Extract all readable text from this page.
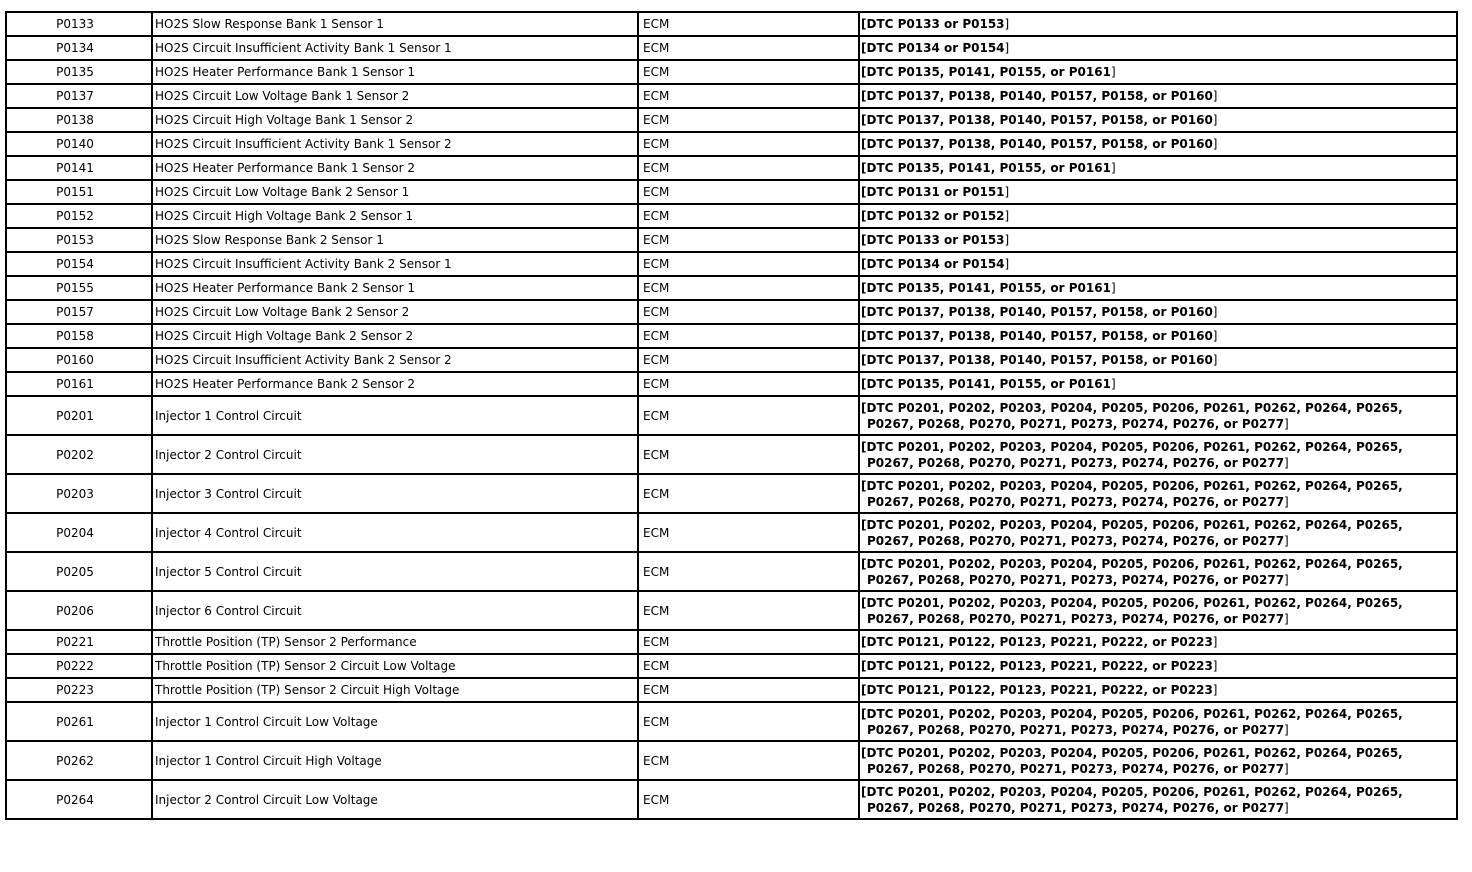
P0133	HO2S Slow Response Bank 1 Sensor 1	ECM	[DTC P0133 or P0153]

P0134	HO2S Circuit Insufficient Activity Bank 1 Sensor 1	ECM	[DTC P0134 or P0154]

P0135	HO2S Heater Performance Bank 1 Sensor 1	ECM	[DTC P0135, P0141, P0155, or P0161]

P0137	HO2S Circuit Low Voltage Bank 1 Sensor 2	ECM	[DTC P0137, P0138, P0140, P0157, P0158, or P0160]

P0138	HO2S Circuit High Voltage Bank 1 Sensor 2	ECM	[DTC P0137, P0138, P0140, P0157, P0158, or P0160]

P0140	HO2S Circuit Insufficient Activity Bank 1 Sensor 2	ECM	[DTC P0137, P0138, P0140, P0157, P0158, or P0160]

P0141	HO2S Heater Performance Bank 1 Sensor 2	ECM	[DTC P0135, P0141, P0155, or P0161]

P0151	HO2S Circuit Low Voltage Bank 2 Sensor 1	ECM	[DTC P0131 or P0151]

P0152	HO2S Circuit High Voltage Bank 2 Sensor 1	ECM	[DTC P0132 or P0152]

P0153	HO2S Slow Response Bank 2 Sensor 1	ECM	[DTC P0133 or P0153]

P0154	HO2S Circuit Insufficient Activity Bank 2 Sensor 1	ECM	[DTC P0134 or P0154]

P0155	HO2S Heater Performance Bank 2 Sensor 1	ECM	[DTC P0135, P0141, P0155, or P0161]

P0157	HO2S Circuit Low Voltage Bank 2 Sensor 2	ECM	[DTC P0137, P0138, P0140, P0157, P0158, or P0160]

P0158	HO2S Circuit High Voltage Bank 2 Sensor 2	ECM	[DTC P0137, P0138, P0140, P0157, P0158, or P0160]

P0160	HO2S Circuit Insufficient Activity Bank 2 Sensor 2	ECM	[DTC P0137, P0138, P0140, P0157, P0158, or P0160]

P0161	HO2S Heater Performance Bank 2 Sensor 2	ECM	[DTC P0135, P0141, P0155, or P0161]

P0201	Injector 1 Control Circuit	ECM	[DTC P0201, P0202, P0203, P0204, P0205, P0206, P0261, P0262, P0264, P0265,
P0267, P0268, P0270, P0271, P0273, P0274, P0276, or P0277]

P0202	Injector 2 Control Circuit	ECM	[DTC P0201, P0202, P0203, P0204, P0205, P0206, P0261, P0262, P0264, P0265,
P0267, P0268, P0270, P0271, P0273, P0274, P0276, or P0277]

P0203	Injector 3 Control Circuit	ECM	[DTC P0201, P0202, P0203, P0204, P0205, P0206, P0261, P0262, P0264, P0265,
P0267, P0268, P0270, P0271, P0273, P0274, P0276, or P0277]

P0204	Injector 4 Control Circuit	ECM	[DTC P0201, P0202, P0203, P0204, P0205, P0206, P0261, P0262, P0264, P0265,
P0267, P0268, P0270, P0271, P0273, P0274, P0276, or P0277]

P0205	Injector 5 Control Circuit	ECM	[DTC P0201, P0202, P0203, P0204, P0205, P0206, P0261, P0262, P0264, P0265,
P0267, P0268, P0270, P0271, P0273, P0274, P0276, or P0277]

P0206	Injector 6 Control Circuit	ECM	[DTC P0201, P0202, P0203, P0204, P0205, P0206, P0261, P0262, P0264, P0265,
P0267, P0268, P0270, P0271, P0273, P0274, P0276, or P0277]

P0221	Throttle Position (TP) Sensor 2 Performance	ECM	[DTC P0121, P0122, P0123, P0221, P0222, or P0223]

P0222	Throttle Position (TP) Sensor 2 Circuit Low Voltage	ECM	[DTC P0121, P0122, P0123, P0221, P0222, or P0223]

P0223	Throttle Position (TP) Sensor 2 Circuit High Voltage	ECM	[DTC P0121, P0122, P0123, P0221, P0222, or P0223]

P0261	Injector 1 Control Circuit Low Voltage	ECM	[DTC P0201, P0202, P0203, P0204, P0205, P0206, P0261, P0262, P0264, P0265,
P0267, P0268, P0270, P0271, P0273, P0274, P0276, or P0277]

P0262	Injector 1 Control Circuit High Voltage	ECM	[DTC P0201, P0202, P0203, P0204, P0205, P0206, P0261, P0262, P0264, P0265,
P0267, P0268, P0270, P0271, P0273, P0274, P0276, or P0277]

P0264	Injector 2 Control Circuit Low Voltage	ECM	[DTC P0201, P0202, P0203, P0204, P0205, P0206, P0261, P0262, P0264, P0265,
P0267, P0268, P0270, P0271, P0273, P0274, P0276, or P0277]
